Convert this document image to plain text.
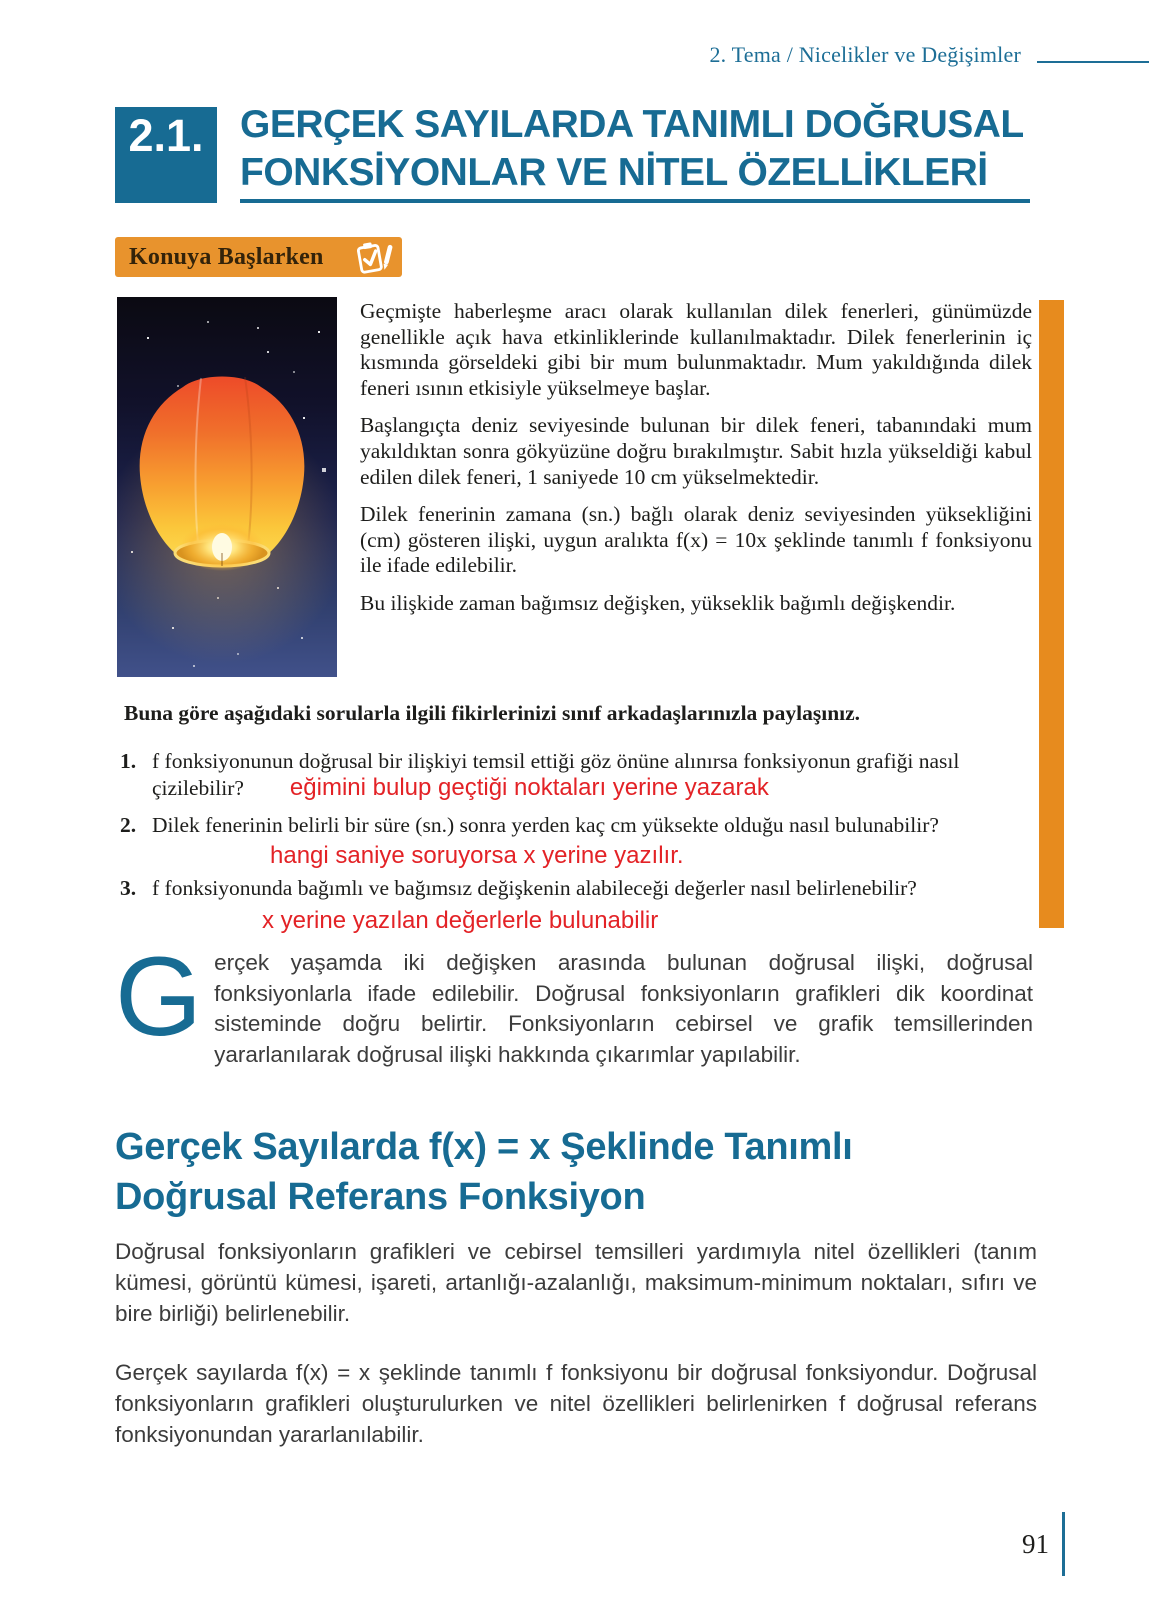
2. Tema / Nicelikler ve Değişimler
2.1. GERÇEK SAYILARDA TANIMLI DOĞRUSAL
FONKSİYONLAR VE NİTEL ÖZELLİKLERİ
Konuya Başlarken

Geçmişte haberleşme aracı olarak kullanılan dilek fenerleri, günümüzde genellikle açık hava etkinliklerinde kullanılmaktadır. Dilek fenerlerinin iç kısmında görseldeki gibi bir mum bulunmaktadır. Mum yakıldığında dilek feneri ısının etkisiyle yükselmeye başlar.

Başlangıçta deniz seviyesinde bulunan bir dilek feneri, tabanındaki mum yakıldıktan sonra gökyüzüne doğru bırakılmıştır. Sabit hızla yükseldiği kabul edilen dilek feneri, 1 saniyede 10 cm yükselmektedir.

Dilek fenerinin zamana (sn.) bağlı olarak deniz seviyesinden yüksekliğini (cm) gösteren ilişki, uygun aralıkta f(x) = 10x şeklinde tanımlı f fonksiyonu ile ifade edilebilir.

Bu ilişkide zaman bağımsız değişken, yükseklik bağımlı değişkendir.

Buna göre aşağıdaki sorularla ilgili fikirlerinizi sınıf arkadaşlarınızla paylaşınız.
1. f fonksiyonunun doğrusal bir ilişkiyi temsil ettiği göz önüne alınırsa fonksiyonun grafiği nasıl çizilebilir? eğimini bulup geçtiği noktaları yerine yazarak
2. Dilek fenerinin belirli bir süre (sn.) sonra yerden kaç cm yüksekte olduğu nasıl bulunabilir?
hangi saniye soruyorsa x yerine yazılır.
3. f fonksiyonunda bağımlı ve bağımsız değişkenin alabileceği değerler nasıl belirlenebilir?
x yerine yazılan değerlerle bulunabilir
Gerçek yaşamda iki değişken arasında bulunan doğrusal ilişki, doğrusal fonksiyonlarla ifade edilebilir. Doğrusal fonksiyonların grafikleri dik koordinat sisteminde doğru belirtir. Fonksiyonların cebirsel ve grafik temsillerinden yararlanılarak doğrusal ilişki hakkında çıkarımlar yapılabilir.
Gerçek Sayılarda f(x) = x Şeklinde Tanımlı
Doğrusal Referans Fonksiyon

Doğrusal fonksiyonların grafikleri ve cebirsel temsilleri yardımıyla nitel özellikleri (tanım kümesi, görüntü kümesi, işareti, artanlığı-azalanlığı, maksimum-minimum noktaları, sıfırı ve bire birliği) belirlenebilir.

Gerçek sayılarda f(x) = x şeklinde tanımlı f fonksiyonu bir doğrusal fonksiyondur. Doğrusal fonksiyonların grafikleri oluşturulurken ve nitel özellikleri belirlenirken f doğrusal referans fonksiyonundan yararlanılabilir.

91
